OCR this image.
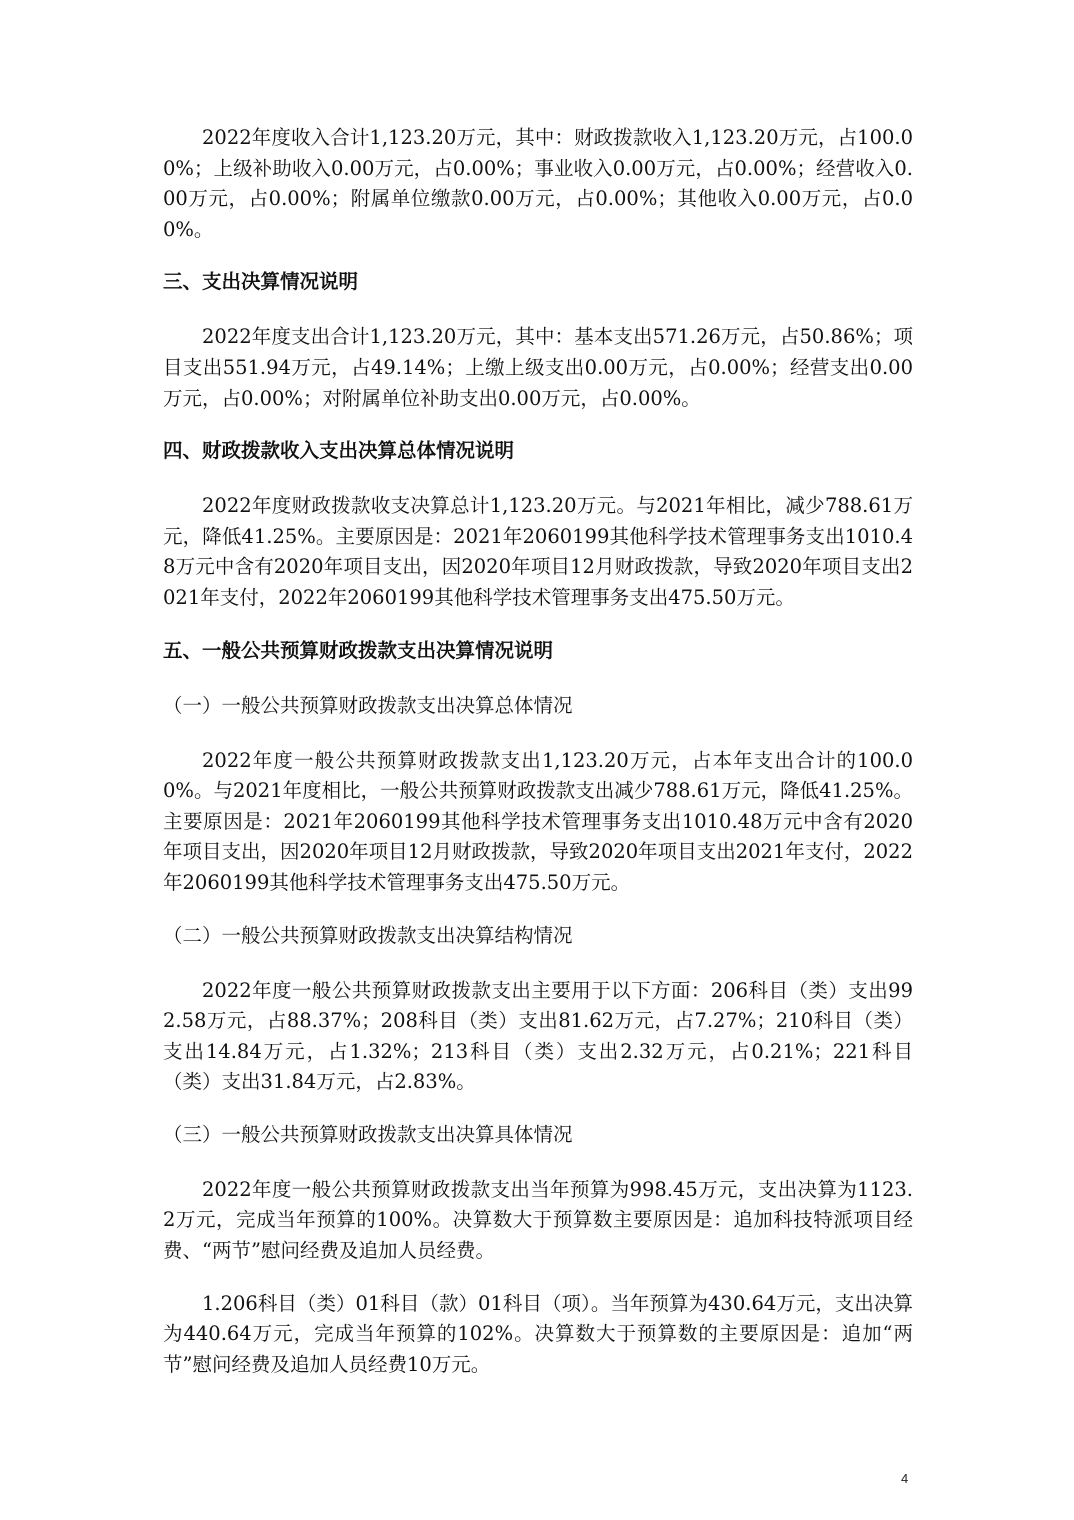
2022年度收入合计1,123.20万元，其中：财政拨款收入1,123.20万元，占100.00%；上级补助收入0.00万元，占0.00%；事业收入0.00万元，占0.00%；经营收入0.00万元，占0.00%；附属单位缴款0.00万元，占0.00%；其他收入0.00万元，占0.00%。

三、支出决算情况说明

2022年度支出合计1,123.20万元，其中：基本支出571.26万元，占50.86%；项目支出551.94万元，占49.14%；上缴上级支出0.00万元，占0.00%；经营支出0.00万元，占0.00%；对附属单位补助支出0.00万元，占0.00%。

四、财政拨款收入支出决算总体情况说明

2022年度财政拨款收支决算总计1,123.20万元。与2021年相比，减少788.61万元，降低41.25%。主要原因是：2021年2060199其他科学技术管理事务支出1010.48万元中含有2020年项目支出，因2020年项目12月财政拨款，导致2020年项目支出2021年支付，2022年2060199其他科学技术管理事务支出475.50万元。

五、一般公共预算财政拨款支出决算情况说明
（一）一般公共预算财政拨款支出决算总体情况

2022年度一般公共预算财政拨款支出1,123.20万元，占本年支出合计的100.00%。与2021年度相比，一般公共预算财政拨款支出减少788.61万元，降低41.25%。主要原因是：2021年2060199其他科学技术管理事务支出1010.48万元中含有2020年项目支出，因2020年项目12月财政拨款，导致2020年项目支出2021年支付，2022年2060199其他科学技术管理事务支出475.50万元。

（二）一般公共预算财政拨款支出决算结构情况

2022年度一般公共预算财政拨款支出主要用于以下方面：206科目（类）支出992.58万元，占88.37%；208科目（类）支出81.62万元，占7.27%；210科目（类）支出14.84万元，占1.32%；213科目（类）支出2.32万元，占0.21%；221科目（类）支出31.84万元，占2.83%。

（三）一般公共预算财政拨款支出决算具体情况

2022年度一般公共预算财政拨款支出当年预算为998.45万元，支出决算为1123.2万元，完成当年预算的100%。决算数大于预算数主要原因是：追加科技特派项目经费、“两节”慰问经费及追加人员经费。

1.206科目（类）01科目（款）01科目（项）。当年预算为430.64万元，支出决算为440.64万元，完成当年预算的102%。决算数大于预算数的主要原因是：追加“两节”慰问经费及追加人员经费10万元。

4
